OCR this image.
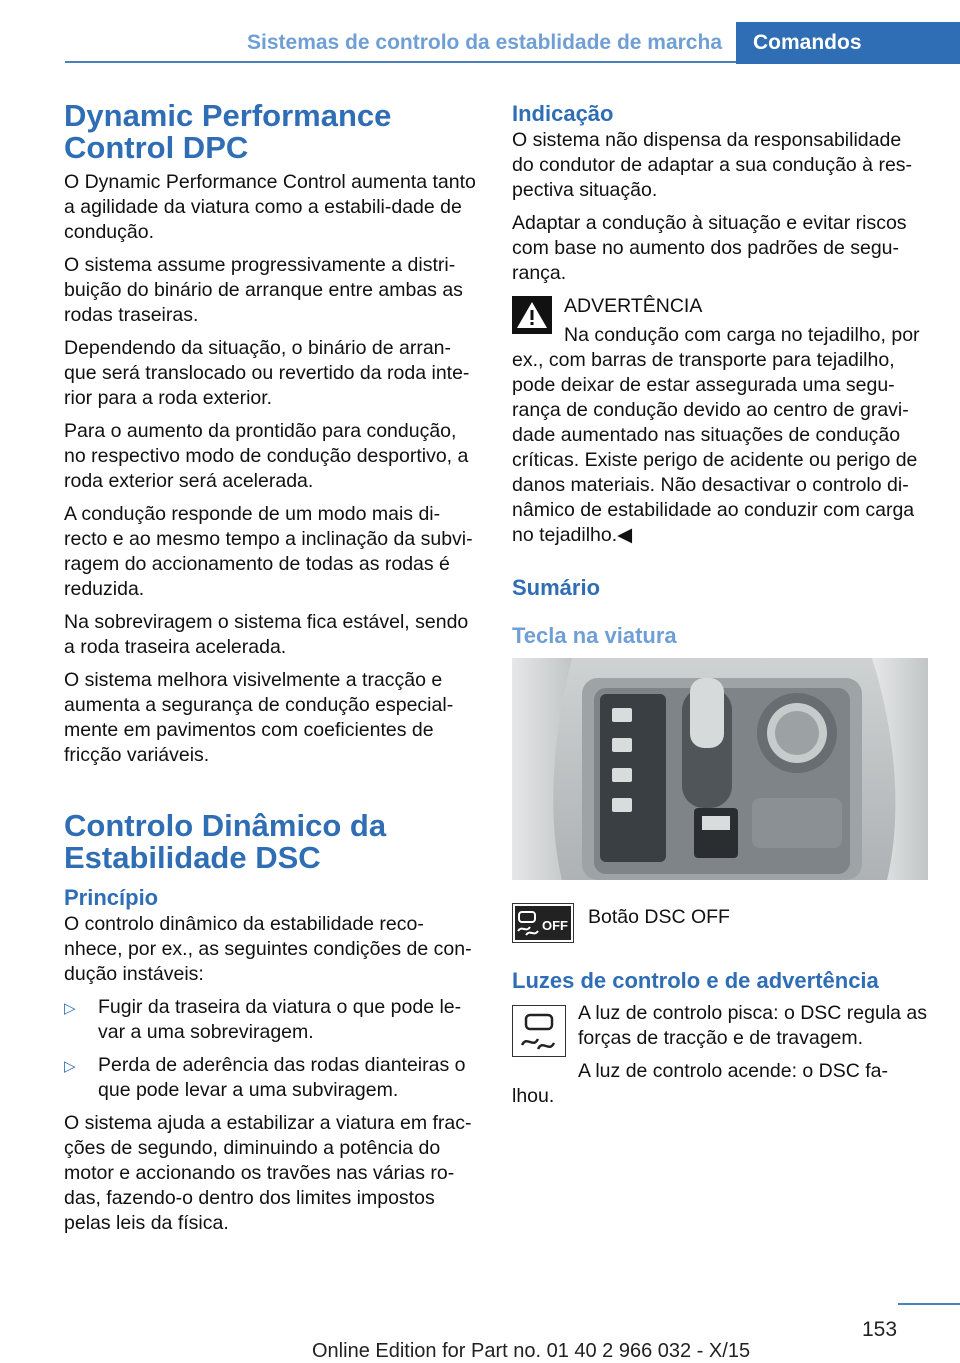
Sistemas de controlo da establidade de marcha	Comandos
Dynamic Performance Control DPC

O Dynamic Performance Control aumenta tanto a agilidade da viatura como a estabili‐dade de condução.

O sistema assume progressivamente a distri‐buição do binário de arranque entre ambas as rodas traseiras.

Dependendo da situação, o binário de arran‐que será translocado ou revertido da roda inte‐rior para a roda exterior.

Para o aumento da prontidão para condução, no respectivo modo de condução desportivo, a roda exterior será acelerada.

A condução responde de um modo mais di‐recto e ao mesmo tempo a inclinação da subvi‐ragem do accionamento de todas as rodas é reduzida.

Na sobreviragem o sistema fica estável, sendo a roda traseira acelerada.

O sistema melhora visivelmente a tracção e aumenta a segurança de condução especial‐mente em pavimentos com coeficientes de fricção variáveis.

Controlo Dinâmico da Estabilidade DSC
Princípio

O controlo dinâmico da estabilidade reco‐nhece, por ex., as seguintes condições de con‐dução instáveis:

▷	Fugir da traseira da viatura o que pode le‐var a uma sobreviragem.
▷	Perda de aderência das rodas dianteiras o que pode levar a uma subviragem.

O sistema ajuda a estabilizar a viatura em frac‐ções de segundo, diminuindo a potência do motor e accionando os travões nas várias ro‐das, fazendo-o dentro dos limites impostos pelas leis da física.

Indicação

O sistema não dispensa da responsabilidade do condutor de adaptar a sua condução à res‐pectiva situação.

Adaptar a condução à situação e evitar riscos com base no aumento dos padrões de segu‐rança.

ADVERTÊNCIA
Na condução com carga no tejadilho, por ex., com barras de transporte para tejadilho, pode deixar de estar assegurada uma segu‐rança de condução devido ao centro de gravi‐dade aumentado nas situações de condução críticas. Existe perigo de acidente ou perigo de danos materiais. Não desactivar o controlo di‐nâmico de estabilidade ao conduzir com carga no tejadilho.◀
Sumário
Tecla na viatura
OFF	Botão DSC OFF
Luzes de controlo e de advertência

A luz de controlo pisca: o DSC regula as forças de tracção e de travagem.

A luz de controlo acende: o DSC fa‐lhou.

153
Online Edition for Part no. 01 40 2 966 032 - X/15
